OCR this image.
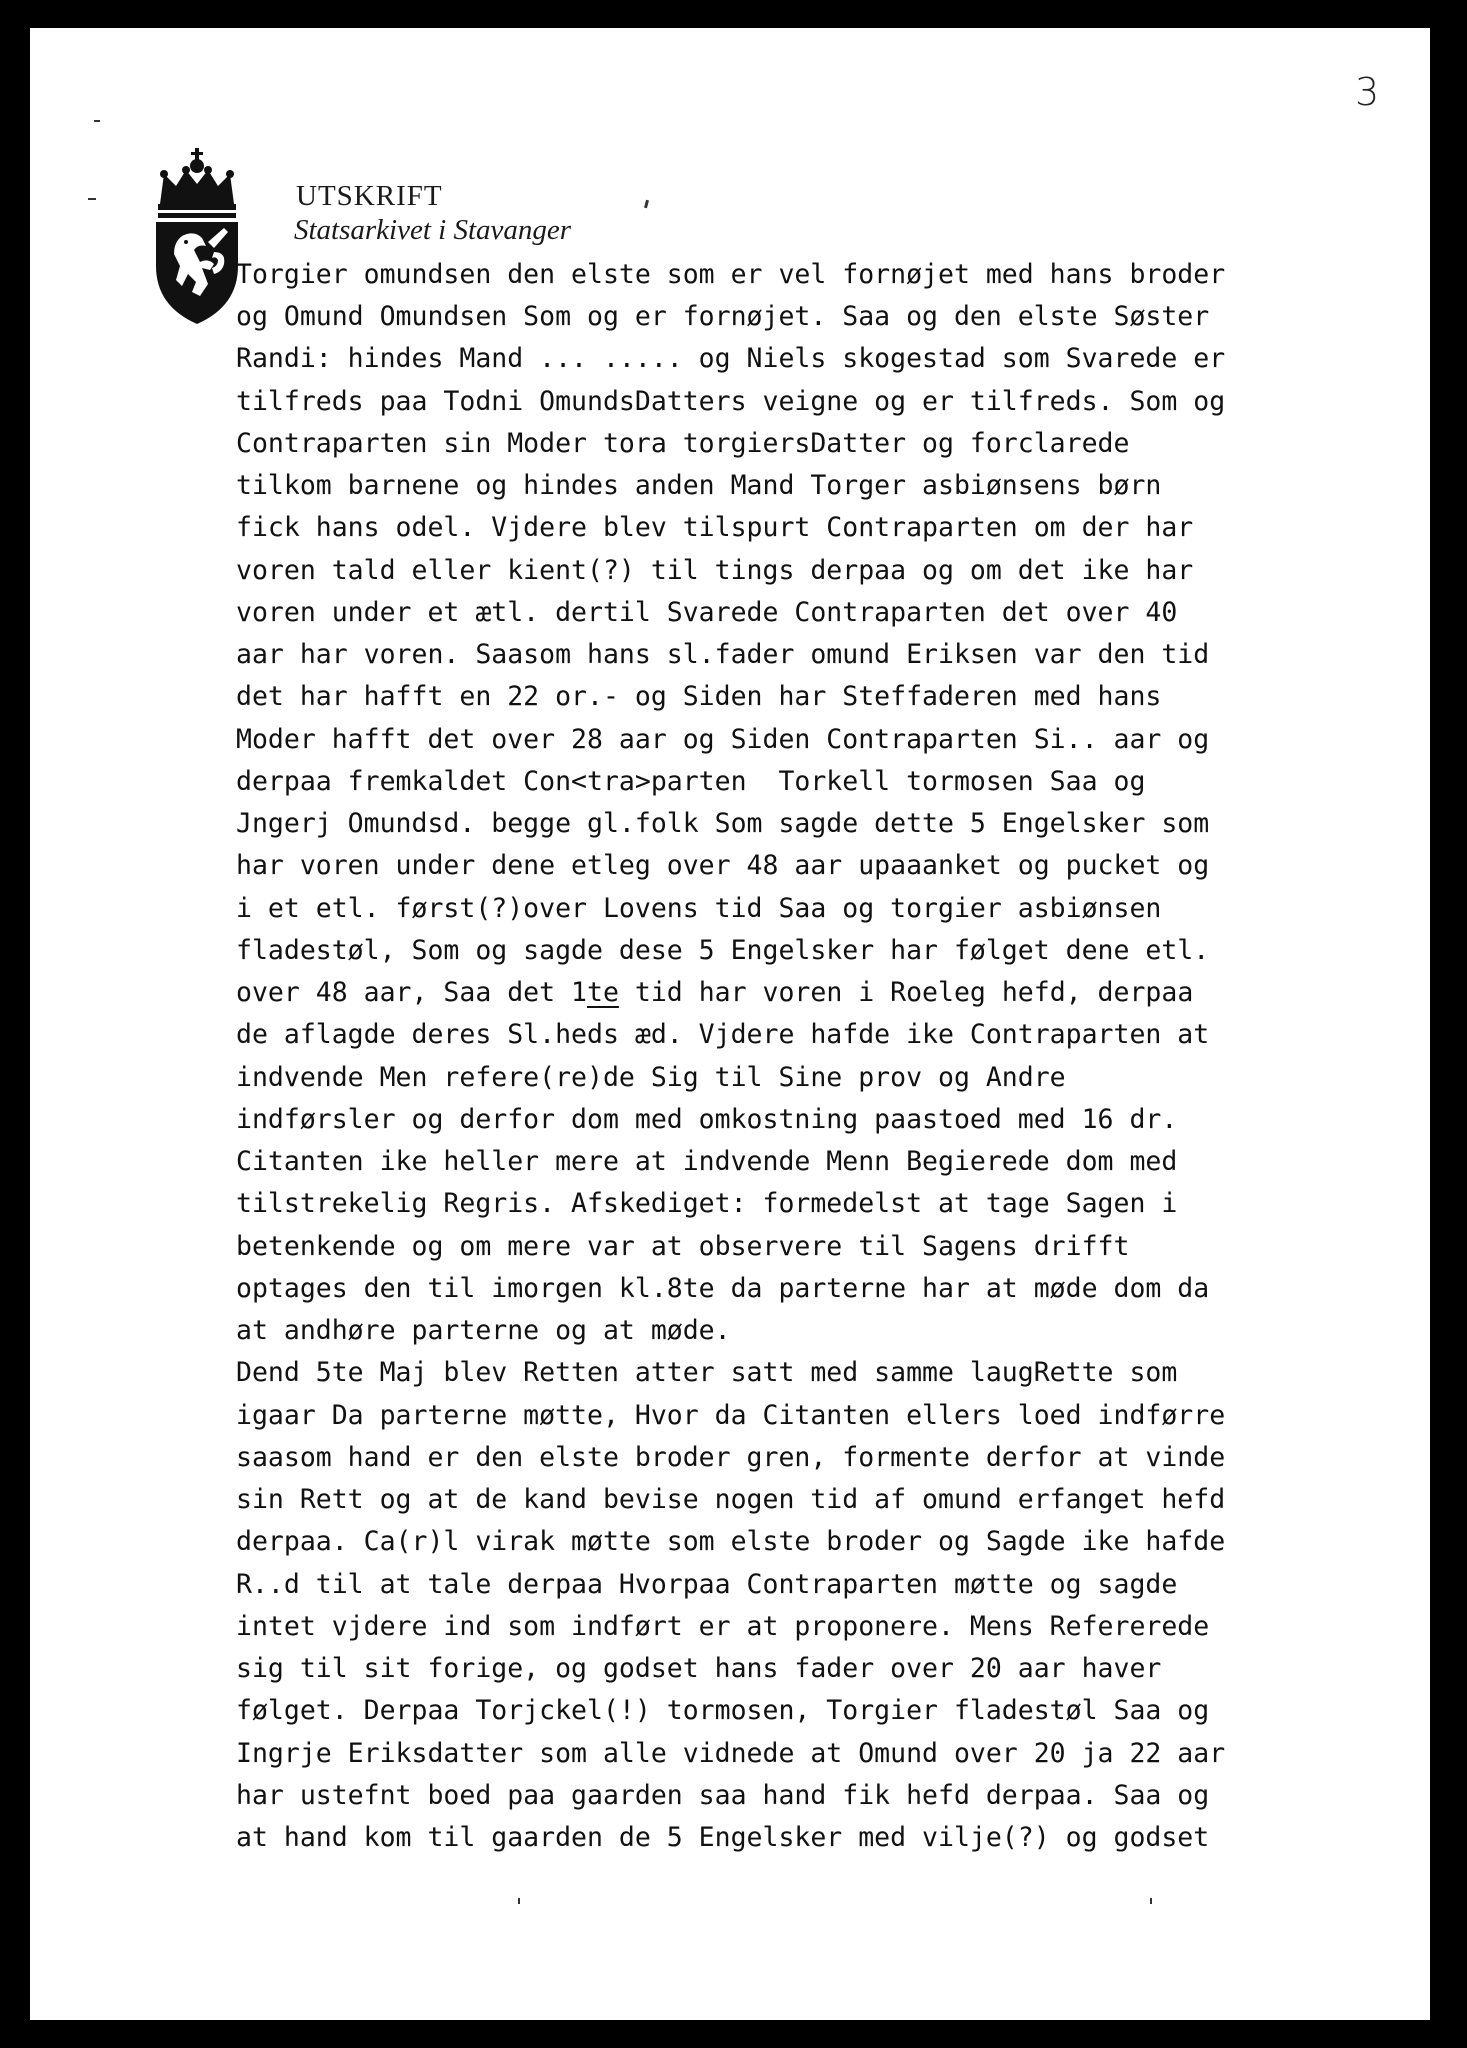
3
UTSKRIFT
Statsarkivet i Stavanger
Torgier omundsen den elste som er vel fornøjet med hans broder
og Omund Omundsen Som og er fornøjet. Saa og den elste Søster
Randi: hindes Mand ... ..... og Niels skogestad som Svarede er
tilfreds paa Todni OmundsDatters veigne og er tilfreds. Som og
Contraparten sin Moder tora torgiersDatter og forclarede
tilkom barnene og hindes anden Mand Torger asbiønsens børn
fick hans odel. Vjdere blev tilspurt Contraparten om der har
voren tald eller kient(?) til tings derpaa og om det ike har
voren under et ætl. dertil Svarede Contraparten det over 40
aar har voren. Saasom hans sl.fader omund Eriksen var den tid
det har hafft en 22 or.- og Siden har Steffaderen med hans
Moder hafft det over 28 aar og Siden Contraparten Si.. aar og
derpaa fremkaldet Con<tra>parten  Torkell tormosen Saa og
Jngerj Omundsd. begge gl.folk Som sagde dette 5 Engelsker som
har voren under dene etleg over 48 aar upaaanket og pucket og
i et etl. først(?)over Lovens tid Saa og torgier asbiønsen
fladestøl, Som og sagde dese 5 Engelsker har følget dene etl.
over 48 aar, Saa det 1te tid har voren i Roeleg hefd, derpaa
de aflagde deres Sl.heds æd. Vjdere hafde ike Contraparten at
indvende Men refere(re)de Sig til Sine prov og Andre
indførsler og derfor dom med omkostning paastoed med 16 dr.
Citanten ike heller mere at indvende Menn Begierede dom med
tilstrekelig Regris. Afskediget: formedelst at tage Sagen i
betenkende og om mere var at observere til Sagens drifft
optages den til imorgen kl.8te da parterne har at møde dom da
at andhøre parterne og at møde.
Dend 5te Maj blev Retten atter satt med samme laugRette som
igaar Da parterne møtte, Hvor da Citanten ellers loed indførre
saasom hand er den elste broder gren, formente derfor at vinde
sin Rett og at de kand bevise nogen tid af omund erfanget hefd
derpaa. Ca(r)l virak møtte som elste broder og Sagde ike hafde
R..d til at tale derpaa Hvorpaa Contraparten møtte og sagde
intet vjdere ind som indført er at proponere. Mens Refererede
sig til sit forige, og godset hans fader over 20 aar haver
følget. Derpaa Torjckel(!) tormosen, Torgier fladestøl Saa og
Ingrje Eriksdatter som alle vidnede at Omund over 20 ja 22 aar
har ustefnt boed paa gaarden saa hand fik hefd derpaa. Saa og
at hand kom til gaarden de 5 Engelsker med vilje(?) og godset
